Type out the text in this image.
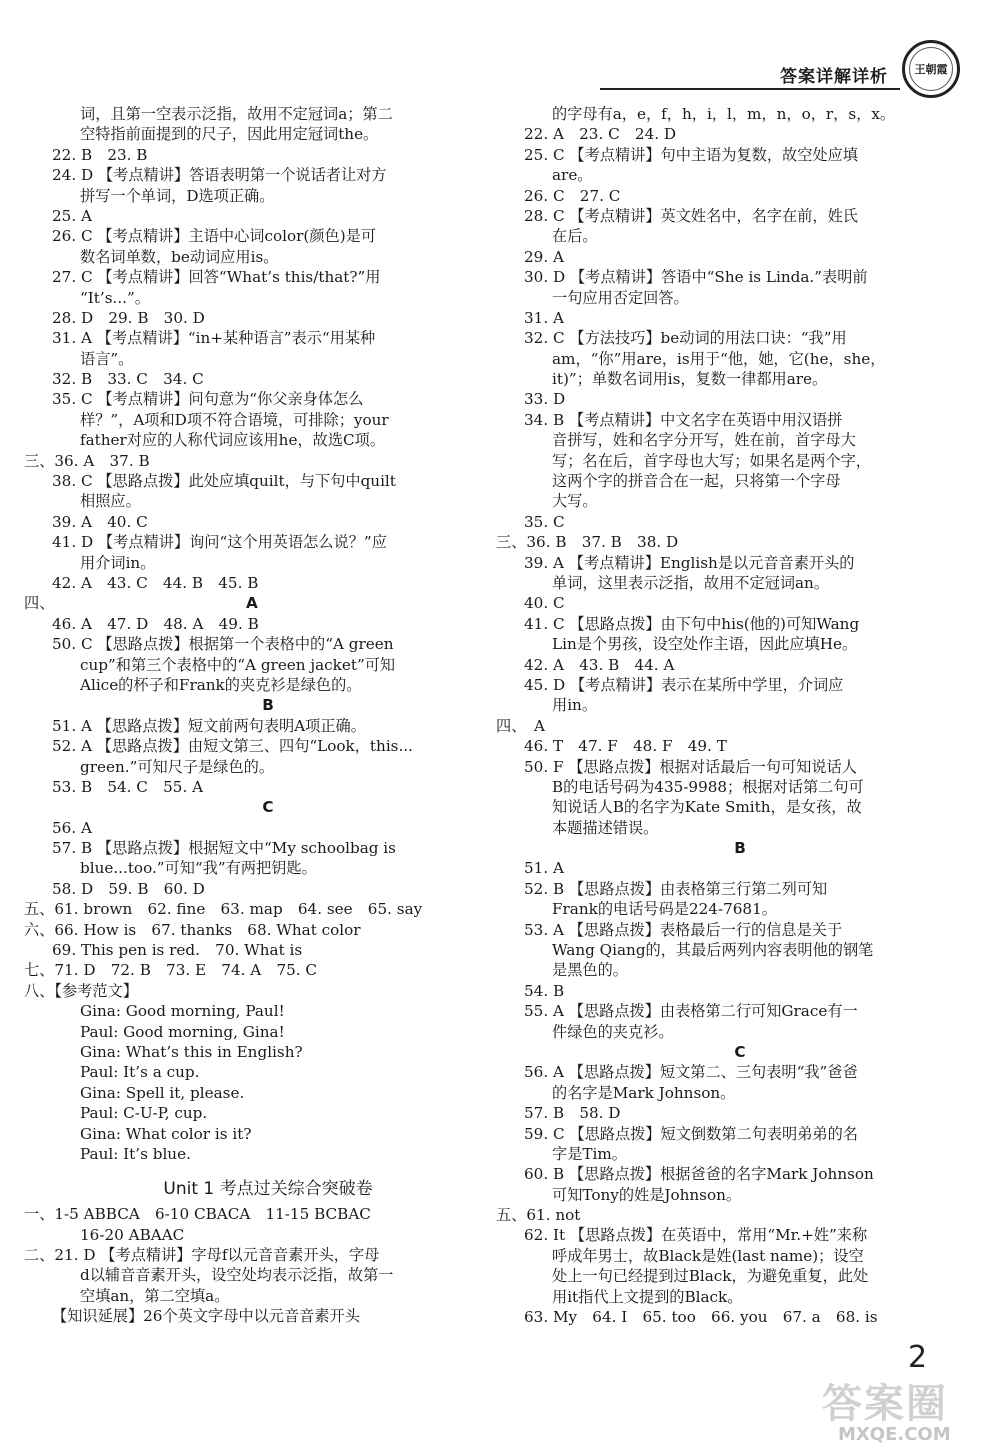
答案详解详析 王朝霞
词，且第一空表示泛指，故用不定冠词a；第二
空特指前面提到的尺子，因此用定冠词the。
22. B　23. B
24. D 【考点精讲】答语表明第一个说话者让对方
拼写一个单词，D选项正确。
25. A
26. C 【考点精讲】主语中心词color(颜色)是可
数名词单数，be动词应用is。
27. C 【考点精讲】回答“What’s this/that?”用
“It’s...”。
28. D　29. B　30. D
31. A 【考点精讲】“in+某种语言”表示“用某种
语言”。
32. B　33. C　34. C
35. C 【考点精讲】问句意为“你父亲身体怎么
样？”，A项和D项不符合语境，可排除；your
father对应的人称代词应该用he，故选C项。
三、36. A　37. B
38. C 【思路点拨】此处应填quilt，与下句中quilt
相照应。
39. A　40. C
41. D 【考点精讲】询问“这个用英语怎么说？”应
用介词in。
42. A　43. C　44. B　45. B
四、	A
46. A　47. D　48. A　49. B
50. C 【思路点拨】根据第一个表格中的“A green
cup”和第三个表格中的“A green jacket”可知
Alice的杯子和Frank的夹克衫是绿色的。
B
51. A 【思路点拨】短文前两句表明A项正确。
52. A 【思路点拨】由短文第三、四句“Look，this...
green.”可知尺子是绿色的。
53. B　54. C　55. A
C
56. A
57. B 【思路点拨】根据短文中“My schoolbag is
blue...too.”可知“我”有两把钥匙。
58. D　59. B　60. D
五、61. brown　62. fine　63. map　64. see　65. say
六、66. How is　67. thanks　68. What color
69. This pen is red.　70. What is
七、71. D　72. B　73. E　74. A　75. C
八、【参考范文】
Gina: Good morning, Paul!
Paul: Good morning, Gina!
Gina: What’s this in English?
Paul: It’s a cup.
Gina: Spell it, please.
Paul: C-U-P, cup.
Gina: What color is it?
Paul: It’s blue.
Unit 1 考点过关综合突破卷
一、1-5 ABBCA　6-10 CBACA　11-15 BCBAC
16-20 ABAAC
二、21. D 【考点精讲】字母f以元音音素开头，字母
d以辅音音素开头，设空处均表示泛指，故第一
空填an，第二空填a。
【知识延展】26个英文字母中以元音音素开头
的字母有a，e，f，h，i，l，m，n，o，r，s，x。
22. A　23. C　24. D
25. C 【考点精讲】句中主语为复数，故空处应填
are。
26. C　27. C
28. C 【考点精讲】英文姓名中，名字在前，姓氏
在后。
29. A
30. D 【考点精讲】答语中“She is Linda.”表明前
一句应用否定回答。
31. A
32. C 【方法技巧】be动词的用法口诀：“我”用
am，“你”用are，is用于“他，她，它(he，she，
it)”；单数名词用is，复数一律都用are。
33. D
34. B 【考点精讲】中文名字在英语中用汉语拼
音拼写，姓和名字分开写，姓在前，首字母大
写；名在后，首字母也大写；如果名是两个字，
这两个字的拼音合在一起，只将第一个字母
大写。
35. C
三、36. B　37. B　38. D
39. A 【考点精讲】English是以元音音素开头的
单词，这里表示泛指，故用不定冠词an。
40. C
41. C 【思路点拨】由下句中his(他的)可知Wang
Lin是个男孩，设空处作主语，因此应填He。
42. A　43. B　44. A
45. D 【考点精讲】表示在某所中学里，介词应
用in。
四、　A
46. T　47. F　48. F　49. T
50. F 【思路点拨】根据对话最后一句可知说话人
B的电话号码为435-9988；根据对话第二句可
知说话人B的名字为Kate Smith，是女孩，故
本题描述错误。
B
51. A
52. B 【思路点拨】由表格第三行第二列可知
Frank的电话号码是224-7681。
53. A 【思路点拨】表格最后一行的信息是关于
Wang Qiang的，其最后两列内容表明他的钢笔
是黑色的。
54. B
55. A 【思路点拨】由表格第二行可知Grace有一
件绿色的夹克衫。
C
56. A 【思路点拨】短文第二、三句表明“我”爸爸
的名字是Mark Johnson。
57. B　58. D
59. C 【思路点拨】短文倒数第二句表明弟弟的名
字是Tim。
60. B 【思路点拨】根据爸爸的名字Mark Johnson
可知Tony的姓是Johnson。
五、61. not
62. It 【思路点拨】在英语中，常用“Mr.+姓”来称
呼成年男士，故Black是姓(last name)；设空
处上一句已经提到过Black，为避免重复，此处
用it指代上文提到的Black。
63. My　64. I　65. too　66. you　67. a　68. is
2
答案圈
MXQE.COM
